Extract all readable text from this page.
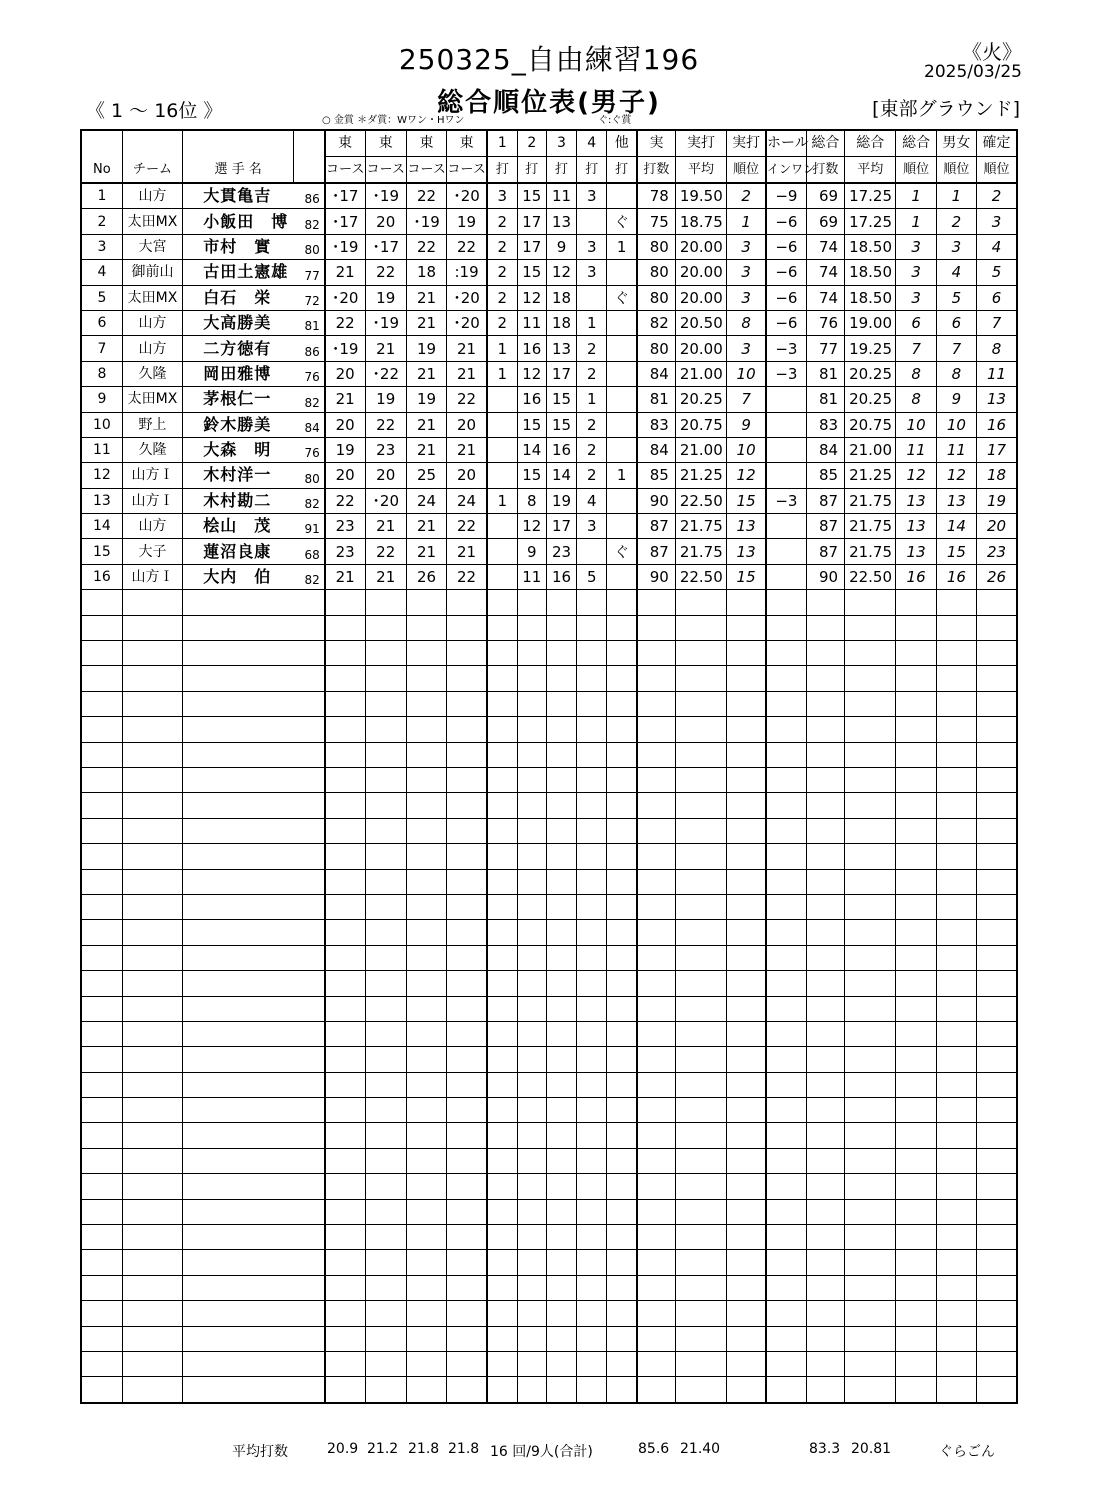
250325_自由練習196
総合順位表(男子)
《火》
2025/03/25
《 1 ～ 16位 》	[東部グラウンド]
○ 金賞 ＊ダ賞：Wワン・Hワン	ぐ:ぐ賞
				東	東	東	東	1	2	3	4	他	実	実打	実打	ホール	総合	総合	総合	男女	確定
No	チーム	選 手 名		コース	コース	コース	コース	打	打	打	打	打	打数	平均	順位	インワン	打数	平均	順位	順位	順位
1	山方	大貫亀吉	86	･17	･19	22	･20	3	15	11	3		78	19.50	2	−9	69	17.25	1	1	2
2	太田MX	小飯田　博	82	･17	20	･19	19	2	17	13		ぐ	75	18.75	1	−6	69	17.25	1	2	3
3	大宮	市村　實	80	･19	･17	22	22	2	17	9	3	1	80	20.00	3	−6	74	18.50	3	3	4
4	御前山	古田土憲雄	77	21	22	18	:19	2	15	12	3		80	20.00	3	−6	74	18.50	3	4	5
5	太田MX	白石　栄	72	･20	19	21	･20	2	12	18		ぐ	80	20.00	3	−6	74	18.50	3	5	6
6	山方	大高勝美	81	22	･19	21	･20	2	11	18	1		82	20.50	8	−6	76	19.00	6	6	7
7	山方	二方徳有	86	･19	21	19	21	1	16	13	2		80	20.00	3	−3	77	19.25	7	7	8
8	久隆	岡田雅博	76	20	･22	21	21	1	12	17	2		84	21.00	10	−3	81	20.25	8	8	11
9	太田MX	茅根仁一	82	21	19	19	22		16	15	1		81	20.25	7		81	20.25	8	9	13
10	野上	鈴木勝美	84	20	22	21	20		15	15	2		83	20.75	9		83	20.75	10	10	16
11	久隆	大森　明	76	19	23	21	21		14	16	2		84	21.00	10		84	21.00	11	11	17
12	山方Ｉ	木村洋一	80	20	20	25	20		15	14	2	1	85	21.25	12		85	21.25	12	12	18
13	山方Ｉ	木村勘二	82	22	･20	24	24	1	8	19	4		90	22.50	15	−3	87	21.75	13	13	19
14	山方	桧山　茂	91	23	21	21	22		12	17	3		87	21.75	13		87	21.75	13	14	20
15	大子	蓮沼良康	68	23	22	21	21		9	23		ぐ	87	21.75	13		87	21.75	13	15	23
16	山方Ｉ	大内　伯	82	21	21	26	22		11	16	5		90	22.50	15		90	22.50	16	16	26

平均打数	20.9 21.2 21.8 21.8 16 回/9人(合計)	85.6 21.40	83.3 20.81	ぐらごん
